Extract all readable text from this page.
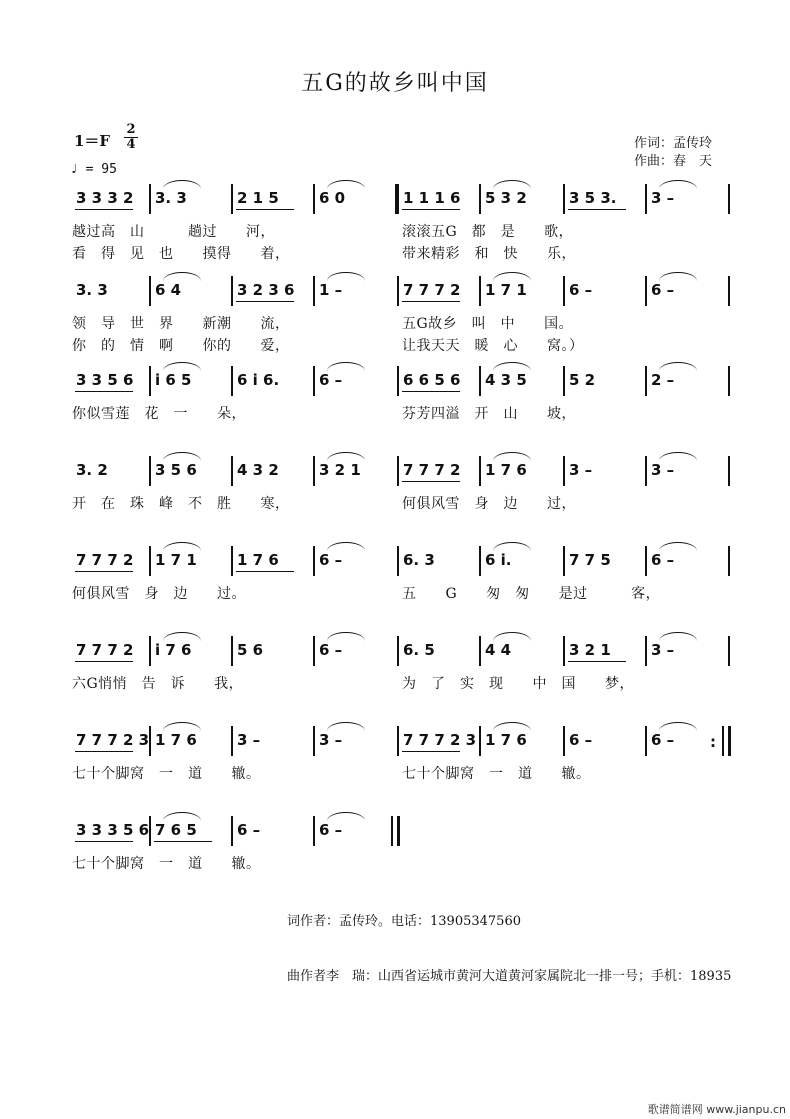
五G的故乡叫中国
1＝F
2
4
♩ = 95
作词：孟传玲
作曲：春　天
3 3 3 2 3. 3	2 1 5	6 0	1 1 1 6 5 3 2	3 5 3. 3 –
越过高　山　　　趟过　　河，	滚滚五G　都　是　　歌，
看　得　见　也　　摸得　　着，	带来精彩　和　快　　乐，
3. 3	6 4	3 2 3 6 1 –	7 7 7 2 1 7 1	6 –	6 –
领　导　世　界　　新潮　　流，	五G故乡　叫　中　　国。
你　的　情　啊　　你的　　爱，	让我天天　暖　心　　窝。）
3 3 5 6 i 6 5	6 i 6.	6 –	6 6 5 6 4 3 5	5 2	2 –
你似雪莲　花　一　　朵，	芬芳四溢　开　山　　坡，
3. 2	3 5 6	4 3 2	3 2 1	7 7 7 2 1 7 6	3 –	3 –
开　在　珠　峰　不　胜　　寒，	何俱风雪　身　边　　过，
7 7 7 2 1 7 1	1 7 6	6 –	6. 3	6 i.	7 7 5	6 –
何俱风雪　身　边　　过。	五　　G　　匆　匆　　是过　　　客，
7 7 7 2 i 7 6	5 6	6 –	6. 5	4 4	3 2 1	3 –
六G悄悄　告　诉　　我，	为　了　实　现　　中　国　　梦，
7 7 7 2 3 1 7 6	3 –	3 –	7 7 7 2 3 1 7 6	6 –	6 – :
七十个脚窝　一　道　　辙。	七十个脚窝　一　道　　辙。
3 3 3 5 6 7 6 5	6 –	6 –
七十个脚窝　一　道　　辙。
词作者：孟传玲。电话：13905347560
曲作者李　瑞：山西省运城市黄河大道黄河家属院北一排一号；手机：18935
歌谱简谱网 www.jianpu.cn
